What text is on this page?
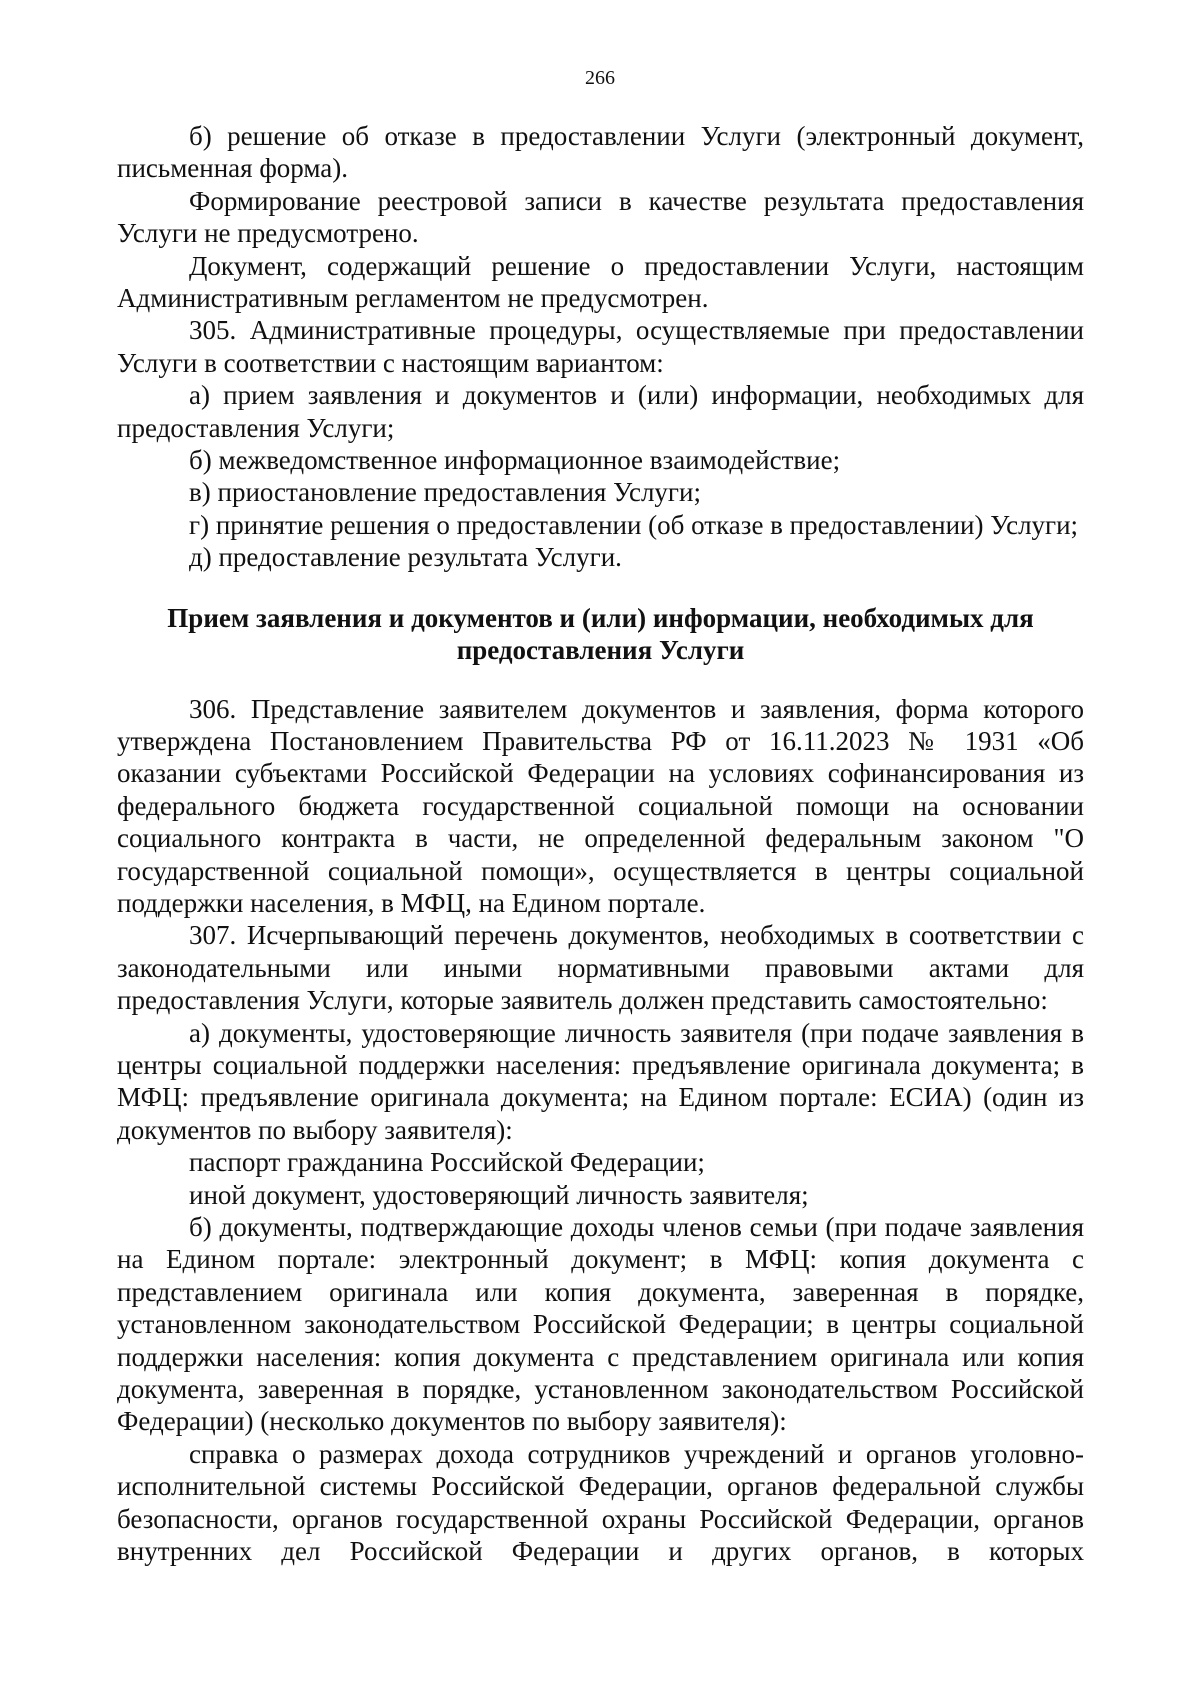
266

б) решение об отказе в предоставлении Услуги (электронный документ, письменная форма).

Формирование реестровой записи в качестве результата предоставления Услуги не предусмотрено.

Документ, содержащий решение о предоставлении Услуги, настоящим Административным регламентом не предусмотрен.

305. Административные процедуры, осуществляемые при предоставлении Услуги в соответствии с настоящим вариантом:

а) прием заявления и документов и (или) информации, необходимых для предоставления Услуги;

б) межведомственное информационное взаимодействие;

в) приостановление предоставления Услуги;

г) принятие решения о предоставлении (об отказе в предоставлении) Услуги;

д) предоставление результата Услуги.

Прием заявления и документов и (или) информации, необходимых для
предоставления Услуги

306. Представление заявителем документов и заявления, форма которого утверждена Постановлением Правительства РФ от 16.11.2023 № 1931 «Об оказании субъектами Российской Федерации на условиях софинансирования из федерального бюджета государственной социальной помощи на основании социального контракта в части, не определенной федеральным законом "О государственной социальной помощи», осуществляется в центры социальной поддержки населения, в МФЦ, на Едином портале.

307. Исчерпывающий перечень документов, необходимых в соответствии с законодательными или иными нормативными правовыми актами для предоставления Услуги, которые заявитель должен представить самостоятельно:

а) документы, удостоверяющие личность заявителя (при подаче заявления в центры социальной поддержки населения: предъявление оригинала документа; в МФЦ: предъявление оригинала документа; на Едином портале: ЕСИА) (один из документов по выбору заявителя):

паспорт гражданина Российской Федерации;

иной документ, удостоверяющий личность заявителя;

б) документы, подтверждающие доходы членов семьи (при подаче заявления на Едином портале: электронный документ; в МФЦ: копия документа с представлением оригинала или копия документа, заверенная в порядке, установленном законодательством Российской Федерации; в центры социальной поддержки населения: копия документа с представлением оригинала или копия документа, заверенная в порядке, установленном законодательством Российской Федерации) (несколько документов по выбору заявителя):

справка о размерах дохода сотрудников учреждений и органов уголовно-исполнительной системы Российской Федерации, органов федеральной службы безопасности, органов государственной охраны Российской Федерации, органов внутренних дел Российской Федерации и других органов, в которых
